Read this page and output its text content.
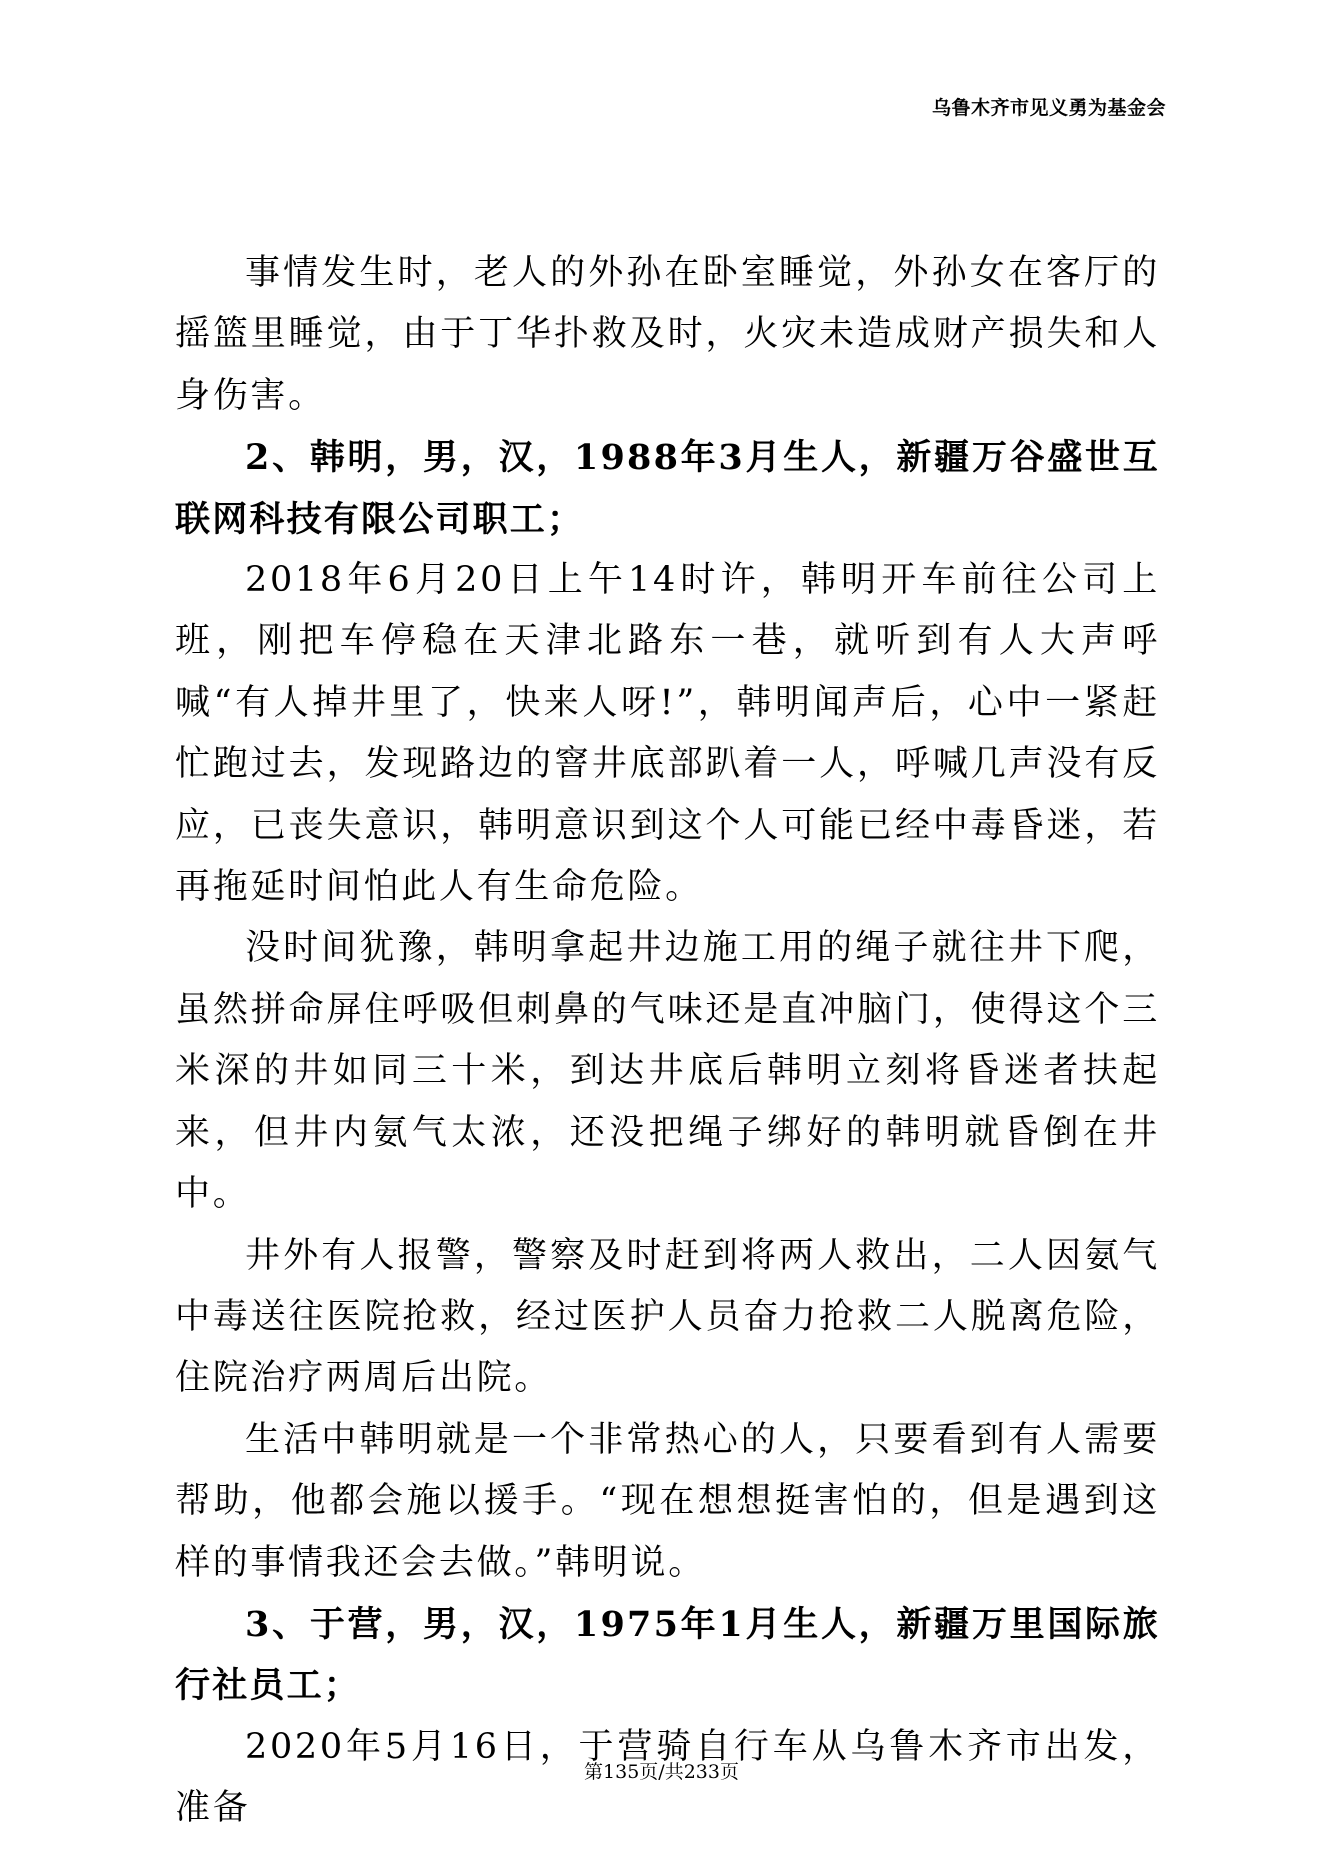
乌鲁木齐市见义勇为基金会

事情发生时，老人的外孙在卧室睡觉，外孙女在客厅的摇篮里睡觉，由于丁华扑救及时，火灾未造成财产损失和人身伤害。

2、韩明，男，汉，1988年3月生人，新疆万谷盛世互联网科技有限公司职工；

2018年6月20日上午14时许，韩明开车前往公司上班，刚把车停稳在天津北路东一巷，就听到有人大声呼喊“有人掉井里了，快来人呀!”，韩明闻声后，心中一紧赶忙跑过去，发现路边的窨井底部趴着一人，呼喊几声没有反应，已丧失意识，韩明意识到这个人可能已经中毒昏迷，若再拖延时间怕此人有生命危险。

没时间犹豫，韩明拿起井边施工用的绳子就往井下爬，虽然拼命屏住呼吸但刺鼻的气味还是直冲脑门，使得这个三米深的井如同三十米，到达井底后韩明立刻将昏迷者扶起来，但井内氨气太浓，还没把绳子绑好的韩明就昏倒在井中。

井外有人报警，警察及时赶到将两人救出，二人因氨气中毒送往医院抢救，经过医护人员奋力抢救二人脱离危险，住院治疗两周后出院。

生活中韩明就是一个非常热心的人，只要看到有人需要帮助，他都会施以援手。“现在想想挺害怕的，但是遇到这样的事情我还会去做。”韩明说。

3、于营，男，汉，1975年1月生人，新疆万里国际旅行社员工；

2020年5月16日，于营骑自行车从乌鲁木齐市出发，准备

第135页/共233页
